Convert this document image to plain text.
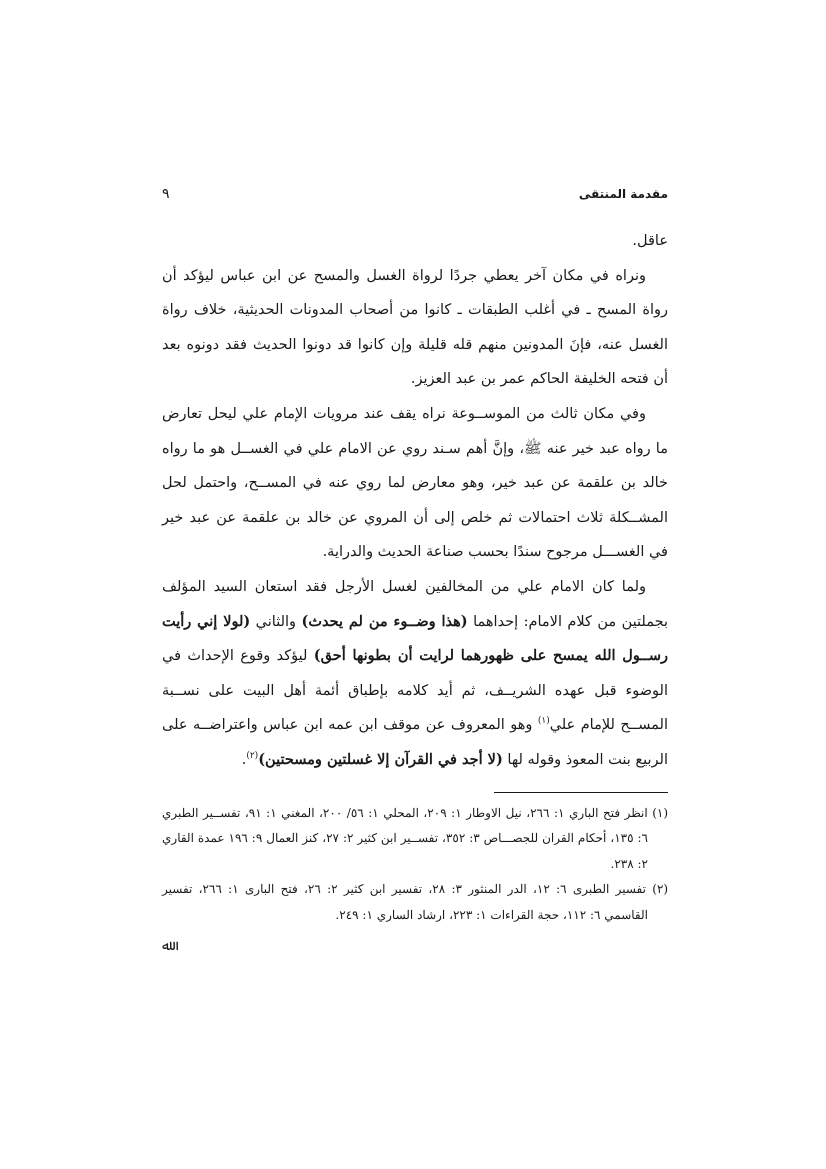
مقدمة المنتقى
٩

عاقل.

ونراه في مكان آخر يعطي جردًا لرواة الغسل والمسح عن ابن عباس ليؤكد أن رواة المسح ـ في أغلب الطبقات ـ كانوا من أصحاب المدونات الحديثية، خلاف رواة الغسل عنه، فإنَ المدونين منهم قله قليلة وإن كانوا قد دونوا الحديث فقد دونوه بعد أن فتحه الخليفة الحاكم عمر بن عبد العزيز.

وفي مكان ثالث من الموســوعة نراه يقف عند مرويات الإمام علي ليحل تعارض ما رواه عبد خير عنه ﷺ، وإنَّ أهم سـند روي عن الامام علي في الغســل هو ما رواه خالد بن علقمة عن عبد خير، وهو معارض لما روي عنه في المســح، واحتمل لحل المشــكلة ثلاث احتمالات ثم خلص إلى أن المروي عن خالد بن علقمة عن عبد خير في الغســـل مرجوح سندًا بحسب صناعة الحديث والدراية.

ولما كان الامام علي من المخالفين لغسل الأرجل فقد استعان السيد المؤلف بجملتين من كلام الامام: إحداهما (هذا وضــوء من لم يحدث) والثاني (لولا إني رأيت رســول الله يمسح على ظهورهما لرايت أن بطونها أحق) ليؤكد وقوع الإحداث في الوضوء قبل عهده الشريــف، ثم أيد كلامه بإطباق أئمة أهل البيت على نســبة المســح للإمام علي$^{(١)}$ وهو المعروف عن موقف ابن عمه ابن عباس واعتراضــه على الربيع بنت المعوذ وقوله لها (لا أجد في القرآن إلا غسلتين ومسحتين)$^{(٢)}$.

(١) انظر فتح الباري ١: ٢٦٦، نيل الاوطار ١: ٢٠٩، المحلي ١: ٥٦/ ٢٠٠، المغني ١: ٩١، تفســير الطبري ٦: ١٣٥، أحكام القران للجصـــاص ٣: ٣٥٢، تفســير ابن كثير ٢: ٢٧، كنز العمال ٩: ١٩٦ عمدة القاري ٢: ٢٣٨.

(٢) تفسير الطبرى ٦: ١٢، الدر المنثور ٣: ٢٨، تفسير ابن كثير ٢: ٢٦، فتح البارى ١: ٢٦٦، تفسير القاسمي ٦: ١١٢، حجة القراءات ١: ٢٢٣، ارشاد الساري ١: ٢٤٩.

ﷲ
